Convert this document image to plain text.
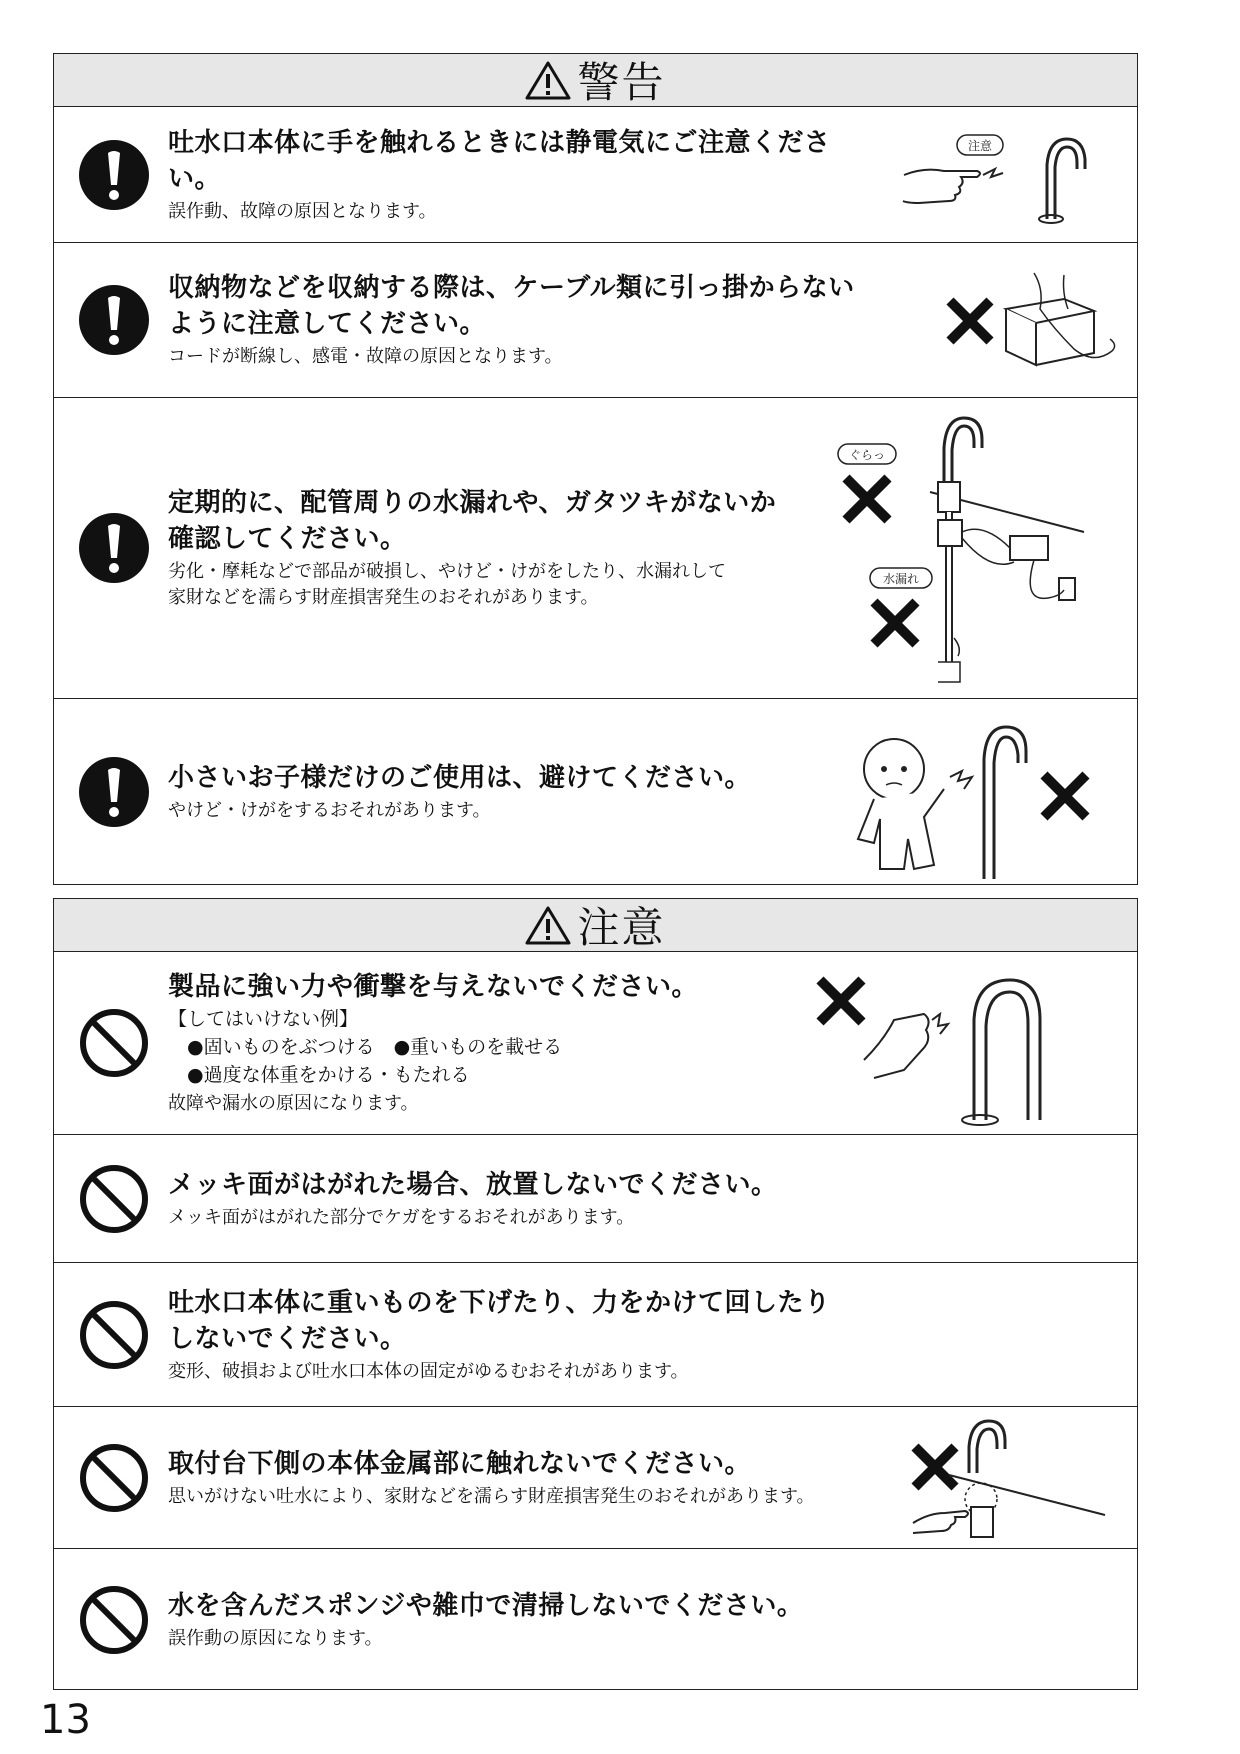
警告
吐水口本体に手を触れるときには静電気にご注意ください。
誤作動、故障の原因となります。
注意
収納物などを収納する際は、ケーブル類に引っ掛からない
ように注意してください。
コードが断線し、感電・故障の原因となります。
定期的に、配管周りの水漏れや、ガタツキがないか
確認してください。
劣化・摩耗などで部品が破損し、やけど・けがをしたり、水漏れして
家財などを濡らす財産損害発生のおそれがあります。
ぐらっ
水漏れ
小さいお子様だけのご使用は、避けてください。
やけど・けがをするおそれがあります。
注意
製品に強い力や衝撃を与えないでください。
【してはいけない例】
　●固いものをぶつける　●重いものを載せる
　●過度な体重をかける・もたれる
故障や漏水の原因になります。
メッキ面がはがれた場合、放置しないでください。
メッキ面がはがれた部分でケガをするおそれがあります。
吐水口本体に重いものを下げたり、力をかけて回したり
しないでください。
変形、破損および吐水口本体の固定がゆるむおそれがあります。
取付台下側の本体金属部に触れないでください。
思いがけない吐水により、家財などを濡らす財産損害発生のおそれがあります。
水を含んだスポンジや雑巾で清掃しないでください。
誤作動の原因になります。
13
